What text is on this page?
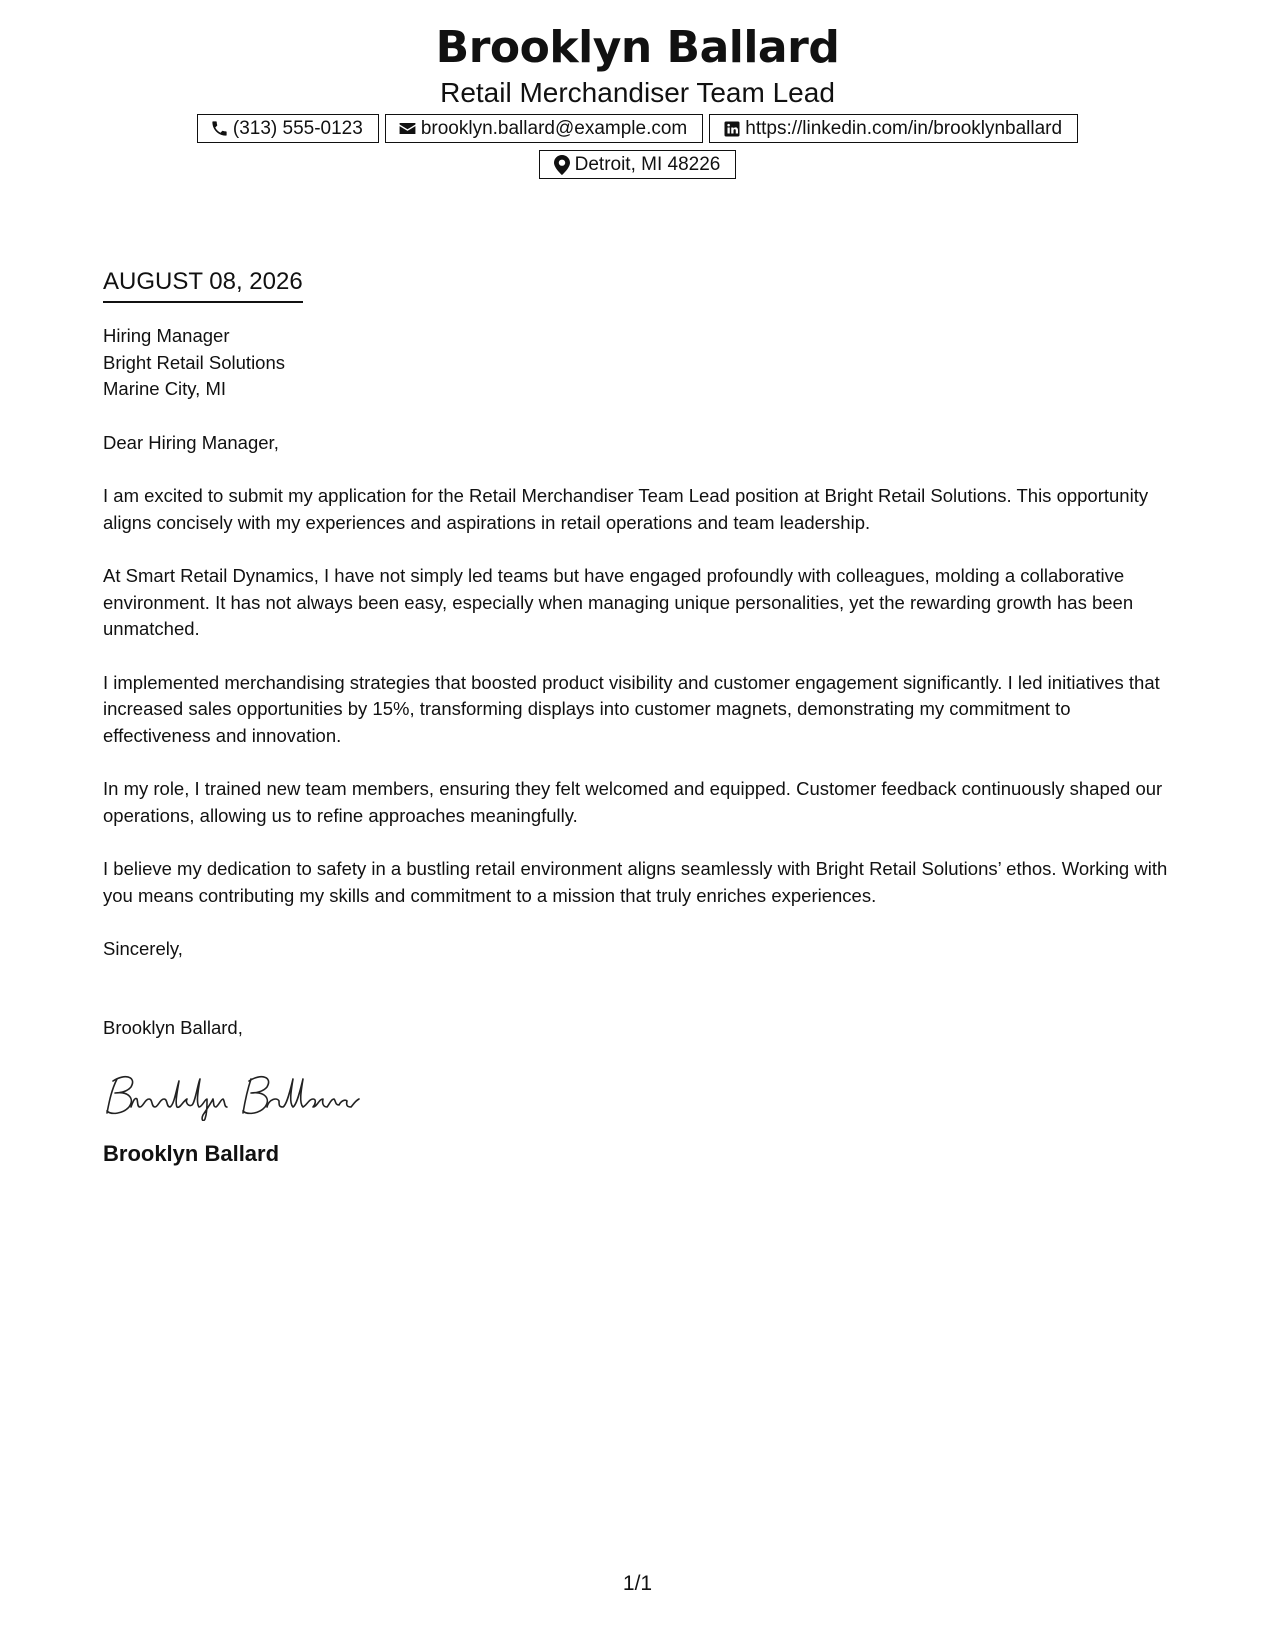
Brooklyn Ballard
Retail Merchandiser Team Lead
(313) 555-0123	brooklyn.ballard@example.com	https://linkedin.com/in/brooklynballard
Detroit, MI 48226
AUGUST 08, 2026
Hiring Manager
Bright Retail Solutions
Marine City, MI
Dear Hiring Manager,
I am excited to submit my application for the Retail Merchandiser Team Lead position at Bright Retail Solutions. This opportunity aligns concisely with my experiences and aspirations in retail operations and team leadership.
At Smart Retail Dynamics, I have not simply led teams but have engaged profoundly with colleagues, molding a collaborative environment. It has not always been easy, especially when managing unique personalities, yet the rewarding growth has been unmatched.
I implemented merchandising strategies that boosted product visibility and customer engagement significantly. I led initiatives that increased sales opportunities by 15%, transforming displays into customer magnets, demonstrating my commitment to effectiveness and innovation.
In my role, I trained new team members, ensuring they felt welcomed and equipped. Customer feedback continuously shaped our operations, allowing us to refine approaches meaningfully.
I believe my dedication to safety in a bustling retail environment aligns seamlessly with Bright Retail Solutions’ ethos. Working with you means contributing my skills and commitment to a mission that truly enriches experiences.
Sincerely,
Brooklyn Ballard,
Brooklyn Ballard
1/1
